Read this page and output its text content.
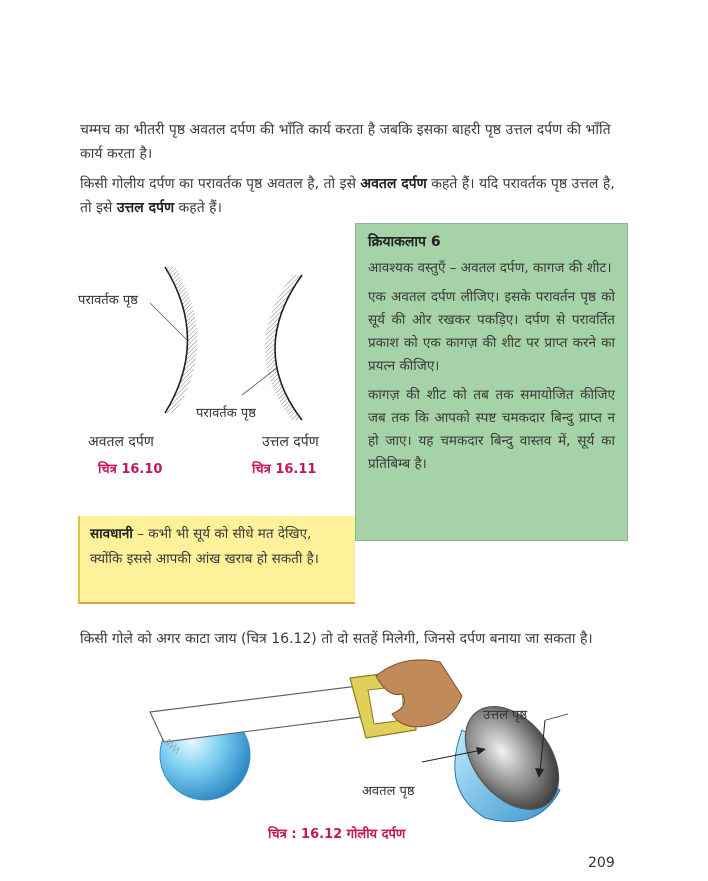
चम्मच का भीतरी पृष्ठ अवतल दर्पण की भाँति कार्य करता है जबकि इसका बाहरी पृष्ठ उत्तल दर्पण की भाँति कार्य करता है।
किसी गोलीय दर्पण का परावर्तक पृष्ठ अवतल है, तो इसे अवतल दर्पण कहते हैं। यदि परावर्तक पृष्ठ उत्तल है, तो इसे उत्तल दर्पण कहते हैं।
परावर्तक पृष्ठ
परावर्तक पृष्ठ
अवतल दर्पण	उत्तल दर्पण
चित्र 16.10	चित्र 16.11
क्रियाकलाप 6

आवश्यक वस्तुएँ – अवतल दर्पण, कागज की शीट।

एक अवतल दर्पण लीजिए। इसके परावर्तन पृष्ठ को सूर्य की ओर रखकर पकड़िए। दर्पण से परावर्तित प्रकाश को एक कागज़ की शीट पर प्राप्त करने का प्रयत्न कीजिए।

कागज़ की शीट को तब तक समायोजित कीजिए जब तक कि आपको स्पष्ट चमकदार बिन्दु प्राप्त न हो जाए। यह चमकदार बिन्दु वास्तव में, सूर्य का प्रतिबिम्ब है।

सावधानी – कभी भी सूर्य को सीधे मत देखिए, क्योंकि इससे आपकी आंख खराब हो सकती है।

किसी गोले को अगर काटा जाय (चित्र 16.12) तो दो सतहें मिलेगी, जिनसे दर्पण बनाया जा सकता है।
उत्तल पृष्ठ
अवतल पृष्ठ
चित्र : 16.12 गोलीय दर्पण
209
